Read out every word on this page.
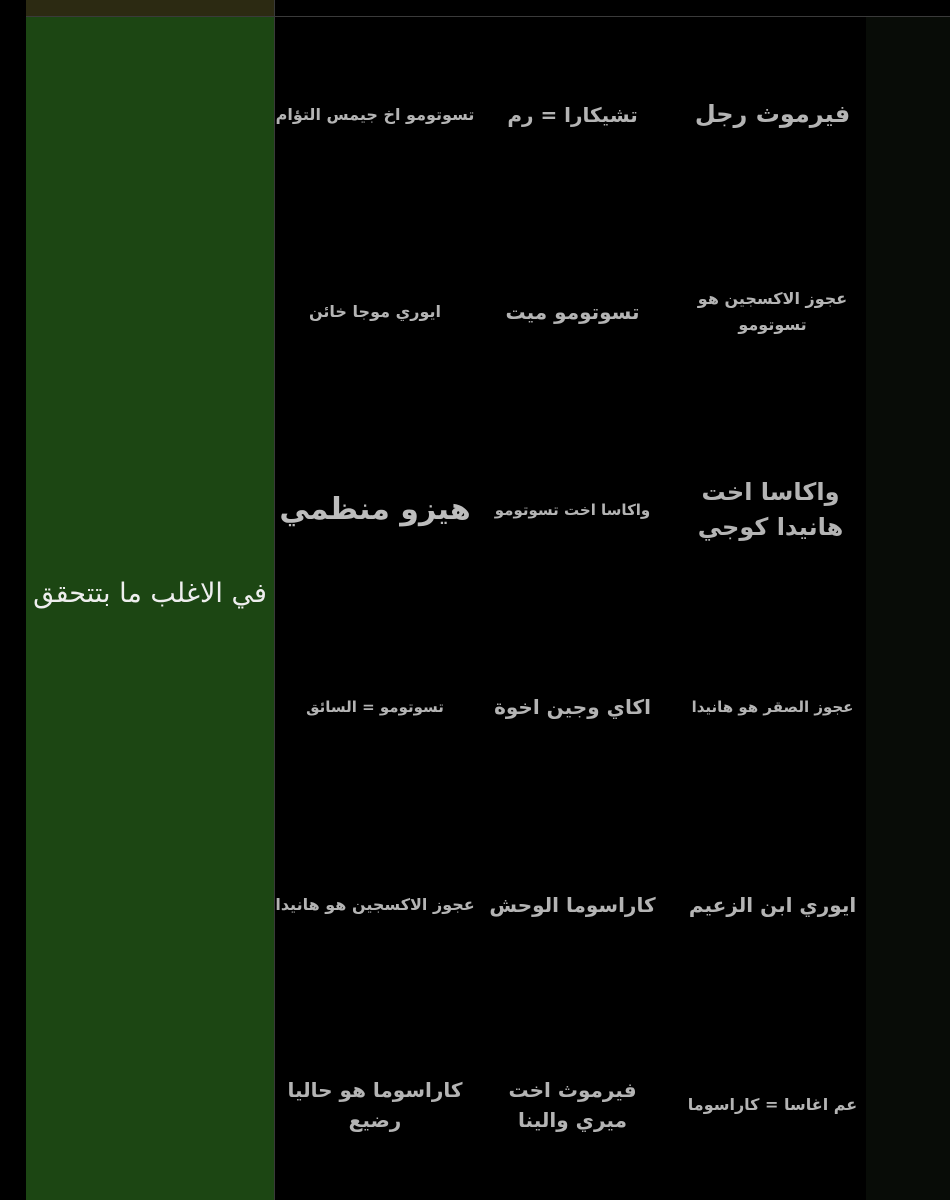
في الاغلب ما بتتحقق
فيرموث رجل
تشيكارا = رم
تسوتومو اخ جيمس التؤام
عجوز الاكسجين هو تسوتومو
تسوتومو ميت
ايوري موجا خائن
واكاسا اخت هانيدا كوجي
واكاسا اخت تسوتومو
هيزو منظمي
عجوز الصقر هو هانيدا
اكاي وجين اخوة
تسوتومو = السائق
ايوري ابن الزعيم
كاراسوما الوحش
عجوز الاكسجين هو هانيدا
عم اغاسا = كاراسوما
فيرموث اخت ميري والينا
كاراسوما هو حاليا رضيع
